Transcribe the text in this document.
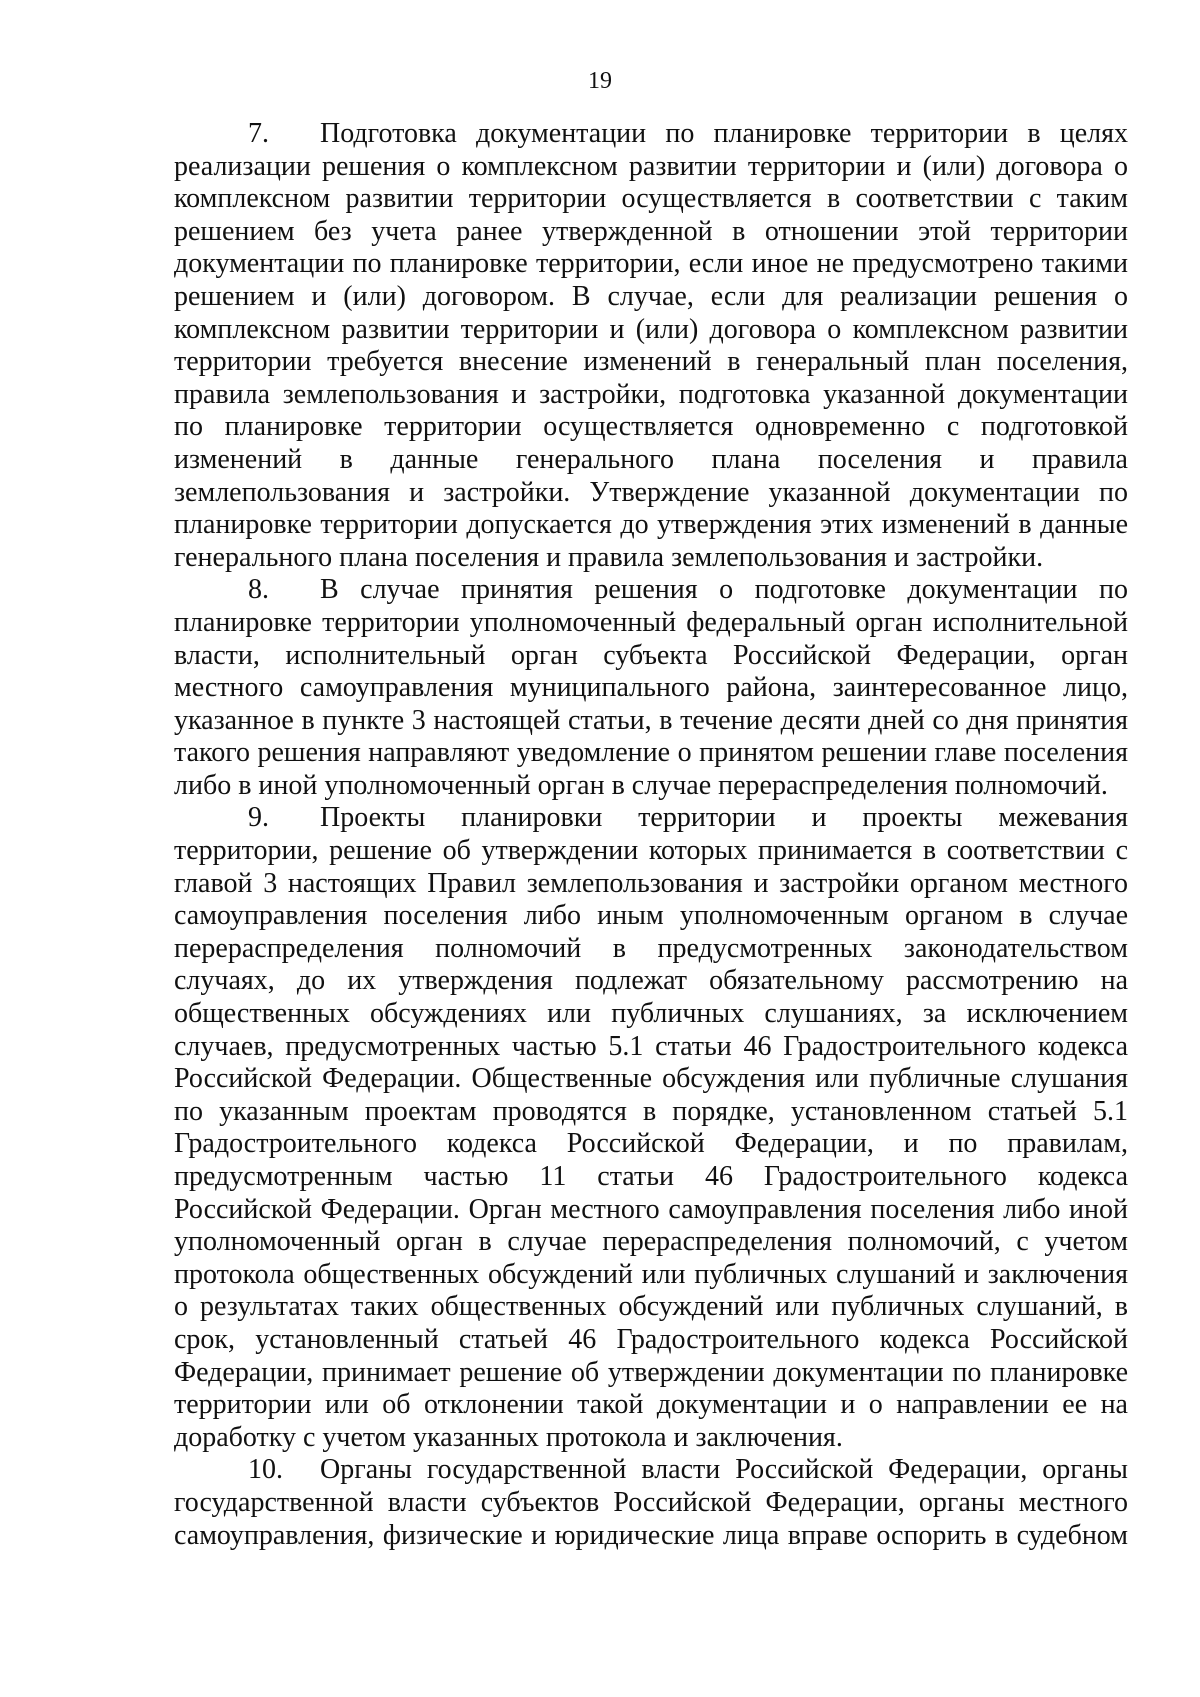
19

7. Подготовка документации по планировке территории в целях реализации решения о комплексном развитии территории и (или) договора о комплексном развитии территории осуществляется в соответствии с таким решением без учета ранее утвержденной в отношении этой территории документации по планировке территории, если иное не предусмотрено такими решением и (или) договором. В случае, если для реализации решения о комплексном развитии территории и (или) договора о комплексном развитии территории требуется внесение изменений в генеральный план поселения, правила землепользования и застройки, подготовка указанной документации по планировке территории осуществляется одновременно с подготовкой изменений в данные генерального плана поселения и правила землепользования и застройки. Утверждение указанной документации по планировке территории допускается до утверждения этих изменений в данные генерального плана поселения и правила землепользования и застройки.

8. В случае принятия решения о подготовке документации по планировке территории уполномоченный федеральный орган исполнительной власти, исполнительный орган субъекта Российской Федерации, орган местного самоуправления муниципального района, заинтересованное лицо, указанное в пункте 3 настоящей статьи, в течение десяти дней со дня принятия такого решения направляют уведомление о принятом решении главе поселения либо в иной уполномоченный орган в случае перераспределения полномочий.

9. Проекты планировки территории и проекты межевания территории, решение об утверждении которых принимается в соответствии с главой 3 настоящих Правил землепользования и застройки органом местного самоуправления поселения либо иным уполномоченным органом в случае перераспределения полномочий в предусмотренных законодательством случаях, до их утверждения подлежат обязательному рассмотрению на общественных обсуждениях или публичных слушаниях, за исключением случаев, предусмотренных частью 5.1 статьи 46 Градостроительного кодекса Российской Федерации. Общественные обсуждения или публичные слушания по указанным проектам проводятся в порядке, установленном статьей 5.1 Градостроительного кодекса Российской Федерации, и по правилам, предусмотренным частью 11 статьи 46 Градостроительного кодекса Российской Федерации. Орган местного самоуправления поселения либо иной уполномоченный орган в случае перераспределения полномочий, с учетом протокола общественных обсуждений или публичных слушаний и заключения о результатах таких общественных обсуждений или публичных слушаний, в срок, установленный статьей 46 Градостроительного кодекса Российской Федерации, принимает решение об утверждении документации по планировке территории или об отклонении такой документации и о направлении ее на доработку с учетом указанных протокола и заключения.

10. Органы государственной власти Российской Федерации, органы государственной власти субъектов Российской Федерации, органы местного самоуправления, физические и юридические лица вправе оспорить в судебном
